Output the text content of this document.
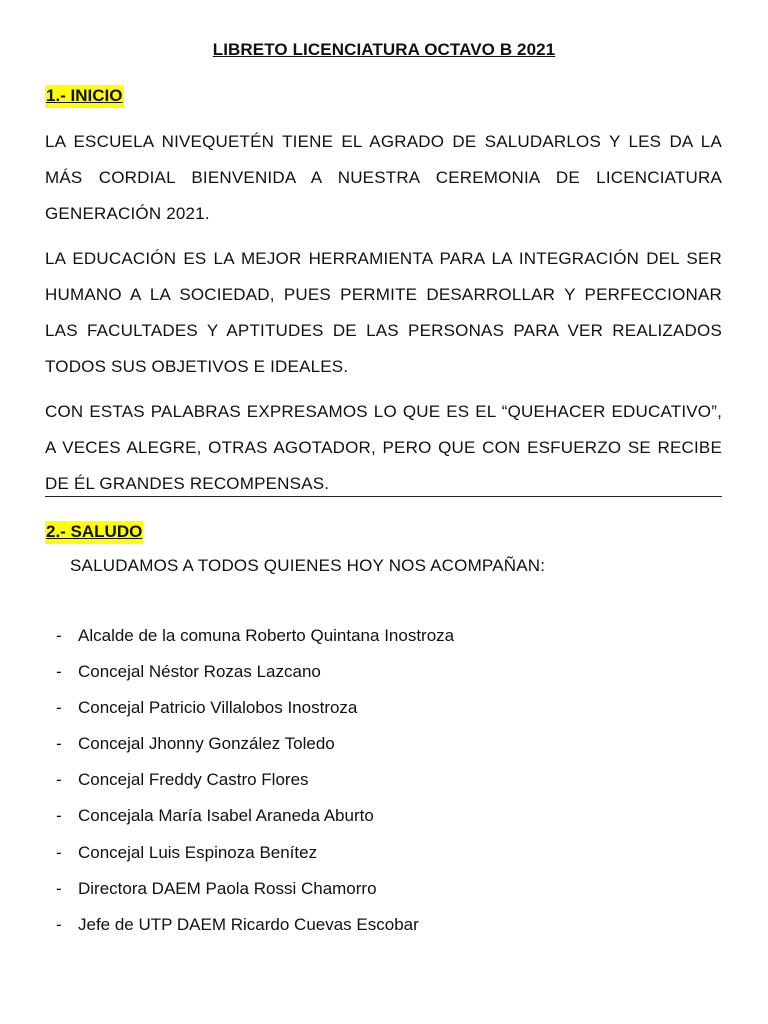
LIBRETO LICENCIATURA OCTAVO B 2021
1.- INICIO
LA ESCUELA NIVEQUETÉN TIENE EL AGRADO DE SALUDARLOS Y LES DA LA MÁS CORDIAL BIENVENIDA A NUESTRA CEREMONIA DE LICENCIATURA GENERACIÓN 2021.
LA EDUCACIÓN ES LA MEJOR HERRAMIENTA PARA LA INTEGRACIÓN DEL SER HUMANO A LA SOCIEDAD, PUES PERMITE DESARROLLAR Y PERFECCIONAR LAS FACULTADES Y APTITUDES DE LAS PERSONAS PARA VER REALIZADOS TODOS SUS OBJETIVOS E IDEALES.
CON ESTAS PALABRAS EXPRESAMOS LO QUE ES EL “QUEHACER EDUCATIVO”, A VECES ALEGRE, OTRAS AGOTADOR, PERO QUE CON ESFUERZO SE RECIBE DE ÉL GRANDES RECOMPENSAS.
2.- SALUDO
SALUDAMOS A TODOS QUIENES HOY NOS ACOMPAÑAN:
- Alcalde de la comuna Roberto Quintana Inostroza
- Concejal Néstor Rozas Lazcano
- Concejal Patricio Villalobos Inostroza
- Concejal Jhonny González Toledo
- Concejal Freddy Castro Flores
- Concejala María Isabel Araneda Aburto
- Concejal Luis Espinoza Benítez
- Directora DAEM Paola Rossi Chamorro
- Jefe de UTP DAEM Ricardo Cuevas Escobar
